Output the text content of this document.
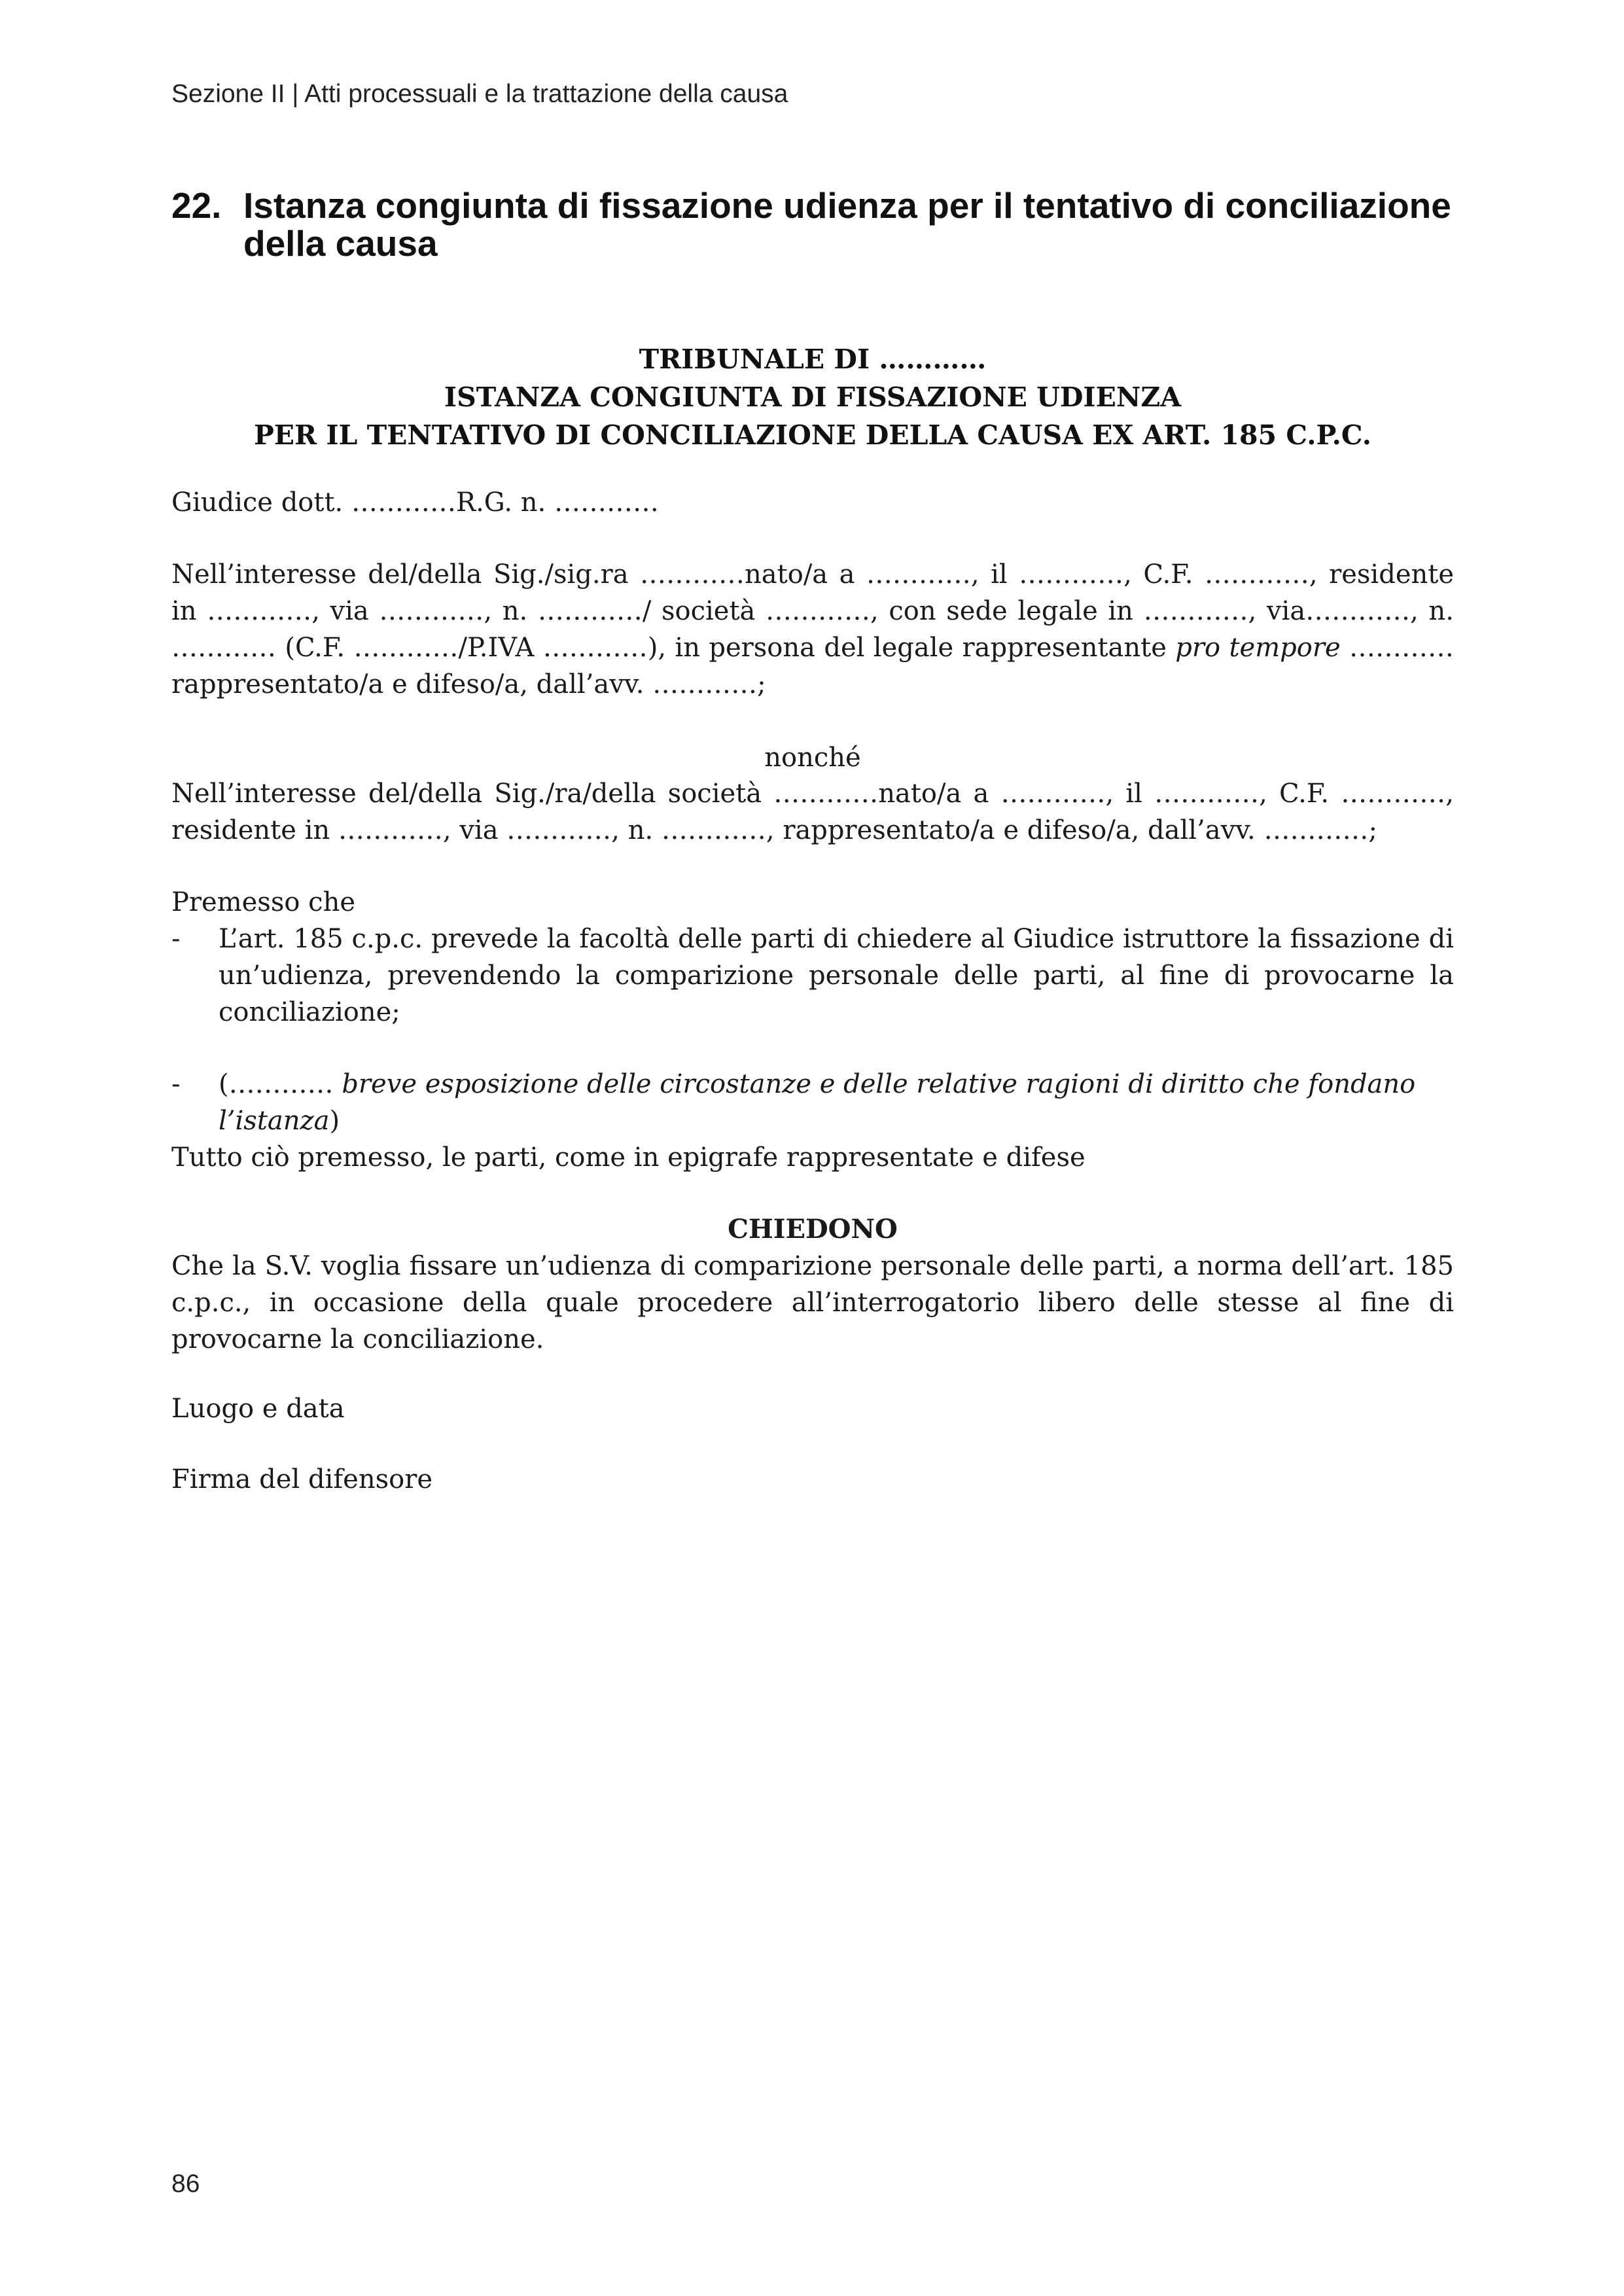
Sezione II | Atti processuali e la trattazione della causa
22. Istanza congiunta di fissazione udienza per il tentativo di conciliazione della causa
TRIBUNALE DI …………
ISTANZA CONGIUNTA DI FISSAZIONE UDIENZA
PER IL TENTATIVO DI CONCILIAZIONE DELLA CAUSA EX ART. 185 C.P.C.
Giudice dott. …………R.G. n. …………
Nell’interesse del/della Sig./sig.ra …………nato/a a …………, il …………, C.F. …………, residente in …………, via …………, n. …………/ società …………, con sede legale in …………, via…………, n. ………… (C.F. …………/P.IVA …………), in persona del legale rappresentante pro tempore ………… rappresentato/a e difeso/a, dall’avv. …………;
nonché
Nell’interesse del/della Sig./ra/della società …………nato/a a …………, il …………, C.F. …………, residente in …………, via …………, n. …………, rappresentato/a e difeso/a, dall’avv. …………;
Premesso che
- L’art. 185 c.p.c. prevede la facoltà delle parti di chiedere al Giudice istruttore la fissazione di un’udienza, prevendendo la comparizione personale delle parti, al fine di provocarne la conciliazione;
- (………… breve esposizione delle circostanze e delle relative ragioni di diritto che fondano l’istanza)
Tutto ciò premesso, le parti, come in epigrafe rappresentate e difese
CHIEDONO
Che la S.V. voglia fissare un’udienza di comparizione personale delle parti, a norma dell’art. 185 c.p.c., in occasione della quale procedere all’interrogatorio libero delle stesse al fine di provocarne la conciliazione.
Luogo e data
Firma del difensore
86
